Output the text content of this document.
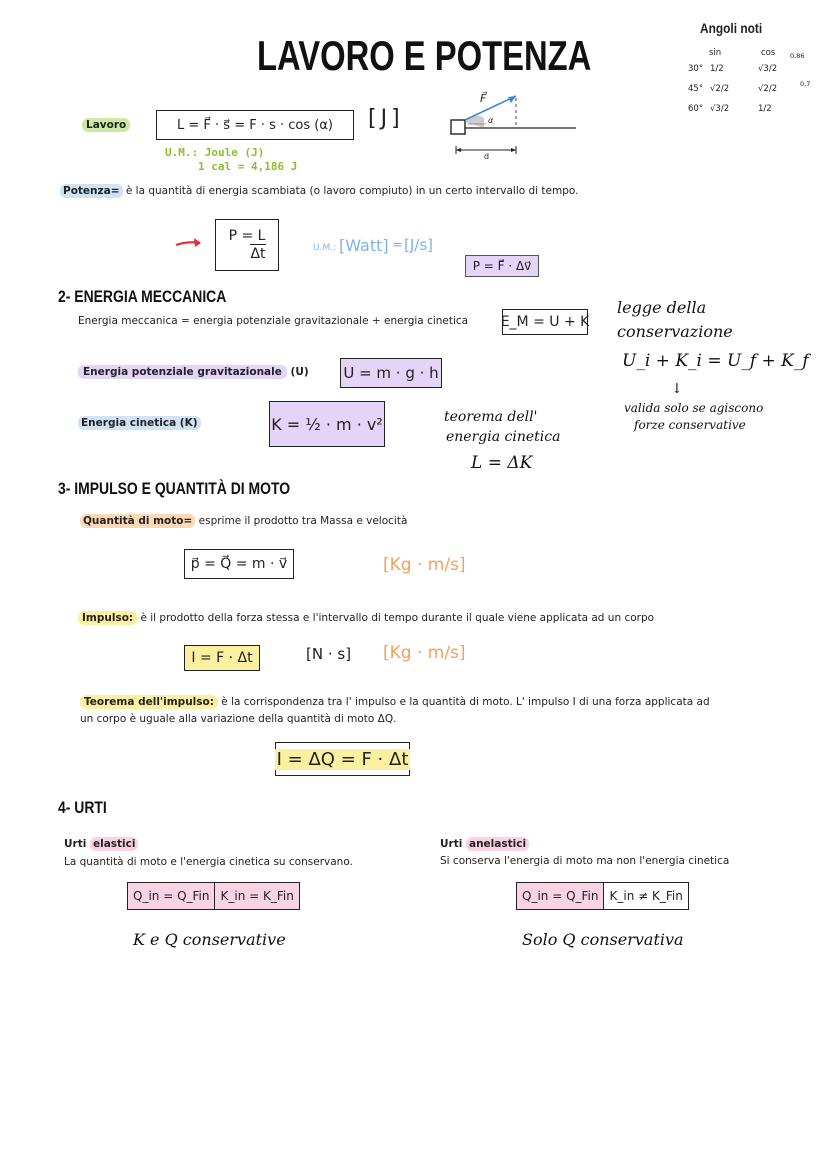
LAVORO E POTENZA
Angoli noti
sin	cos 0,86
0,7
30° 1/2	√3/2
45° √2/2	√2/2
60° √3/2	1/2
Lavoro	L = F⃗ · s⃗ = F · s · cos (α)	[J]
U.M.: Joule (J)
1 cal = 4,186 J
F⃗
α
d
Potenza= è la quantità di energia scambiata (o lavoro compiuto) in un certo intervallo di tempo.
P = L
Δt	U.M.: [Watt] = [J/s]
P = F⃗ · Δv⃗
2- ENERGIA MECCANICA
Energia meccanica = energia potenziale gravitazionale + energia cinetica E_M = U + K
legge della
conservazione
U_i + K_i = U_f + K_f
↓
valida solo se agiscono
forze conservative
Energia potenziale gravitazionale (U) U = m · g · h
Energia cinetica (K)	K = ½ · m · v²	teorema dell'
energia cinetica
L = ΔK
3- IMPULSO E QUANTITÀ DI MOTO
Quantità di moto= esprime il prodotto tra Massa e velocità
p⃗ = Q⃗ = m · v⃗	[Kg · m/s]
Impulso: è il prodotto della forza stessa e l'intervallo di tempo durante il quale viene applicata ad un corpo
I = F · Δt	[N · s] [Kg · m/s]
Teorema dell'impulso: è la corrispondenza tra l' impulso e la quantità di moto. L' impulso I di una forza applicata ad
un corpo è uguale alla variazione della quantità di moto ΔQ.
I = ΔQ = F · Δt
4- URTI
Urti elastici
La quantità di moto e l'energia cinetica su conservano.
Q_in = Q_Fin K_in = K_Fin
K e Q conservative
Urti anelastici
Si conserva l'energia di moto ma non l'energia cinetica
Q_in = Q_Fin K_in ≠ K_Fin
Solo Q conservativa
